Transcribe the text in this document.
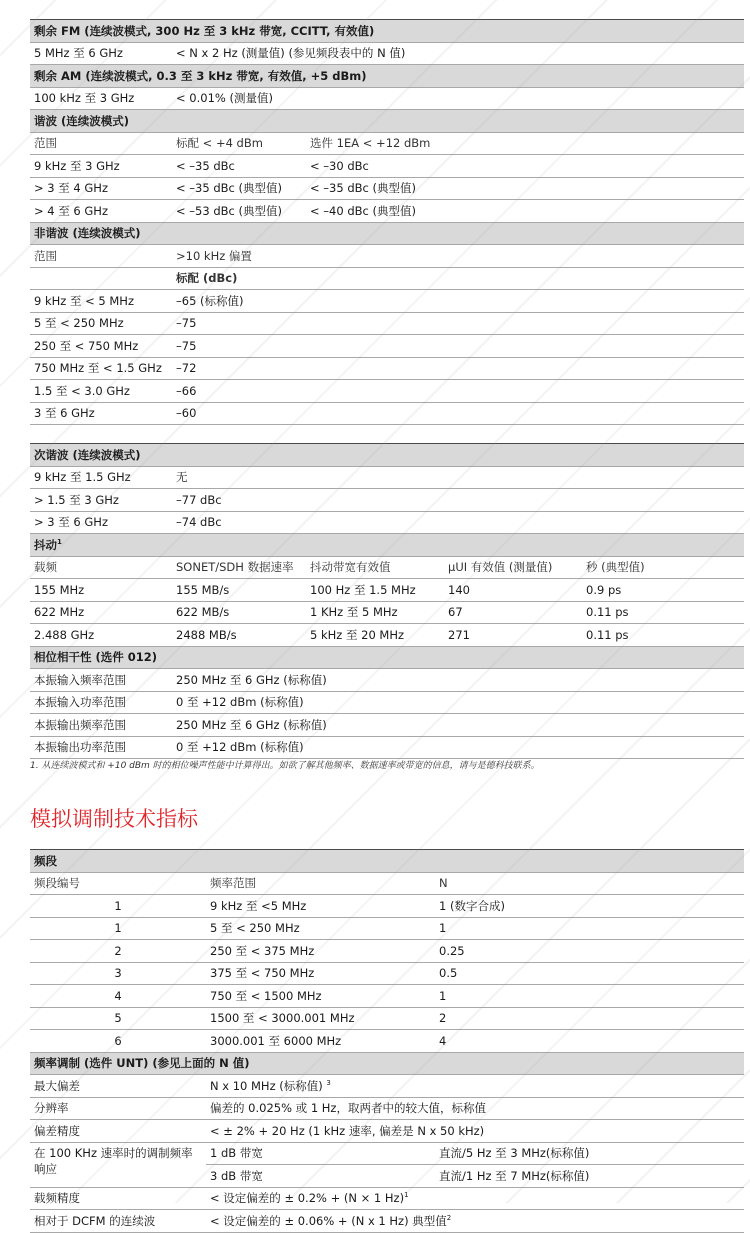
剩余 FM (连续波模式, 300 Hz 至 3 kHz 带宽, CCITT, 有效值)		
5 MHz 至 6 GHz	< N x 2 Hz (测量值) (参见频段表中的 N 值)	
剩余 AM (连续波模式, 0.3 至 3 kHz 带宽, 有效值, +5 dBm)		
100 kHz 至 3 GHz	< 0.01% (测量值)	
谐波 (连续波模式)		
范围	标配 < +4 dBm	选件 1EA < +12 dBm
9 kHz 至 3 GHz	< –35 dBc	< –30 dBc
> 3 至 4 GHz	< –35 dBc (典型值)	< –35 dBc (典型值)
> 4 至 6 GHz	< –53 dBc (典型值)	< –40 dBc (典型值)
非谐波 (连续波模式)		
范围	>10 kHz 偏置	
	标配 (dBc)	
9 kHz 至 < 5 MHz	–65 (标称值)	
5 至 < 250 MHz	–75	
250 至 < 750 MHz	–75	
750 MHz 至 < 1.5 GHz	–72	
1.5 至 < 3.0 GHz	–66	
3 至 6 GHz	–60	
次谐波 (连续波模式)				
9 kHz 至 1.5 GHz	无			
> 1.5 至 3 GHz	–77 dBc			
> 3 至 6 GHz	–74 dBc			
抖动$^1$
载频	SONET/SDH 数据速率	抖动带宽有效值	μUI 有效值 (测量值)	秒 (典型值)
155 MHz	155 MB/s	100 Hz 至 1.5 MHz	140	0.9 ps
622 MHz	622 MB/s	1 KHz 至 5 MHz	67	0.11 ps
2.488 GHz	2488 MB/s	5 kHz 至 20 MHz	271	0.11 ps
相位相干性 (选件 012)				
本振输入频率范围	250 MHz 至 6 GHz (标称值)			
本振输入功率范围	0 至 +12 dBm (标称值)			
本振输出频率范围	250 MHz 至 6 GHz (标称值)			
本振输出功率范围	0 至 +12 dBm (标称值)			
1. 从连续波模式和 +10 dBm 时的相位噪声性能中计算得出。如欲了解其他频率、数据速率或带宽的信息，请与是德科技联系。
模拟调制技术指标
频段		
频段编号	频率范围	N
1	9 kHz 至 <5 MHz	1 (数字合成)
1	5 至 < 250 MHz	1
2	250 至 < 375 MHz	0.25
3	375 至 < 750 MHz	0.5
4	750 至 < 1500 MHz	1
5	1500 至 < 3000.001 MHz	2
6	3000.001 至 6000 MHz	4
频率调制 (选件 UNT) (参见上面的 N 值)		
最大偏差	N x 10 MHz (标称值) $^3$
分辨率	偏差的 0.025% 或 1 Hz，取两者中的较大值，标称值	
偏差精度	< ± 2% + 20 Hz (1 kHz 速率, 偏差是 N x 50 kHz)	
在 100 KHz 速率时的调制频率响应	1 dB 带宽	直流/5 Hz 至 3 MHz(标称值)
	3 dB 带宽	直流/1 Hz 至 7 MHz(标称值)
载频精度	< 设定偏差的 ± 0.2% + (N × 1 Hz)$^1$
相对于 DCFM 的连续波	< 设定偏差的 ± 0.06% + (N x 1 Hz) 典型值$^2$
